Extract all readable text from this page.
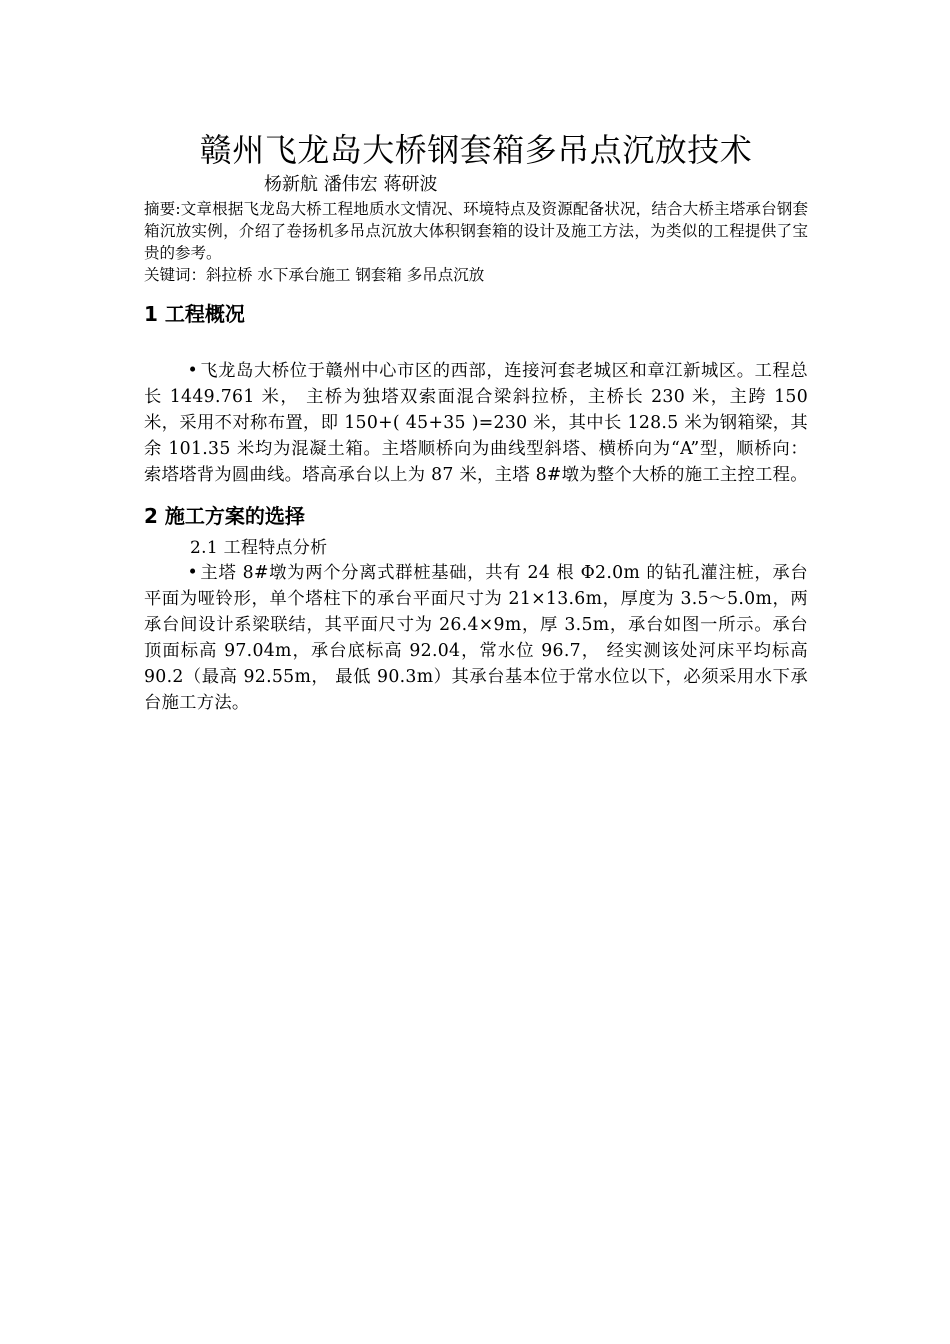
赣州飞龙岛大桥钢套箱多吊点沉放技术
杨新航 潘伟宏 蒋研波

摘要:文章根据飞龙岛大桥工程地质水文情况、环境特点及资源配备状况，结合大桥主塔承台钢套箱沉放实例，介绍了卷扬机多吊点沉放大体积钢套箱的设计及施工方法，为类似的工程提供了宝贵的参考。

关键词：斜拉桥 水下承台施工 钢套箱 多吊点沉放

1 工程概况

• 飞龙岛大桥位于赣州中心市区的西部，连接河套老城区和章江新城区。工程总长 1449.761 米， 主桥为独塔双索面混合梁斜拉桥，主桥长 230 米，主跨 150 米，采用不对称布置，即 150+( 45+35 )=230 米，其中长 128.5 米为钢箱梁，其余 101.35 米均为混凝土箱。主塔顺桥向为曲线型斜塔、横桥向为“A”型，顺桥向：索塔塔背为圆曲线。塔高承台以上为 87 米，主塔 8#墩为整个大桥的施工主控工程。

2 施工方案的选择
2.1 工程特点分析

• 主塔 8#墩为两个分离式群桩基础，共有 24 根 Φ2.0m 的钻孔灌注桩，承台平面为哑铃形，单个塔柱下的承台平面尺寸为 21×13.6m，厚度为 3.5～5.0m，两承台间设计系梁联结，其平面尺寸为 26.4×9m，厚 3.5m，承台如图一所示。承台顶面标高 97.04m，承台底标高 92.04，常水位 96.7， 经实测该处河床平均标高 90.2（最高 92.55m， 最低 90.3m）其承台基本位于常水位以下，必须采用水下承台施工方法。
